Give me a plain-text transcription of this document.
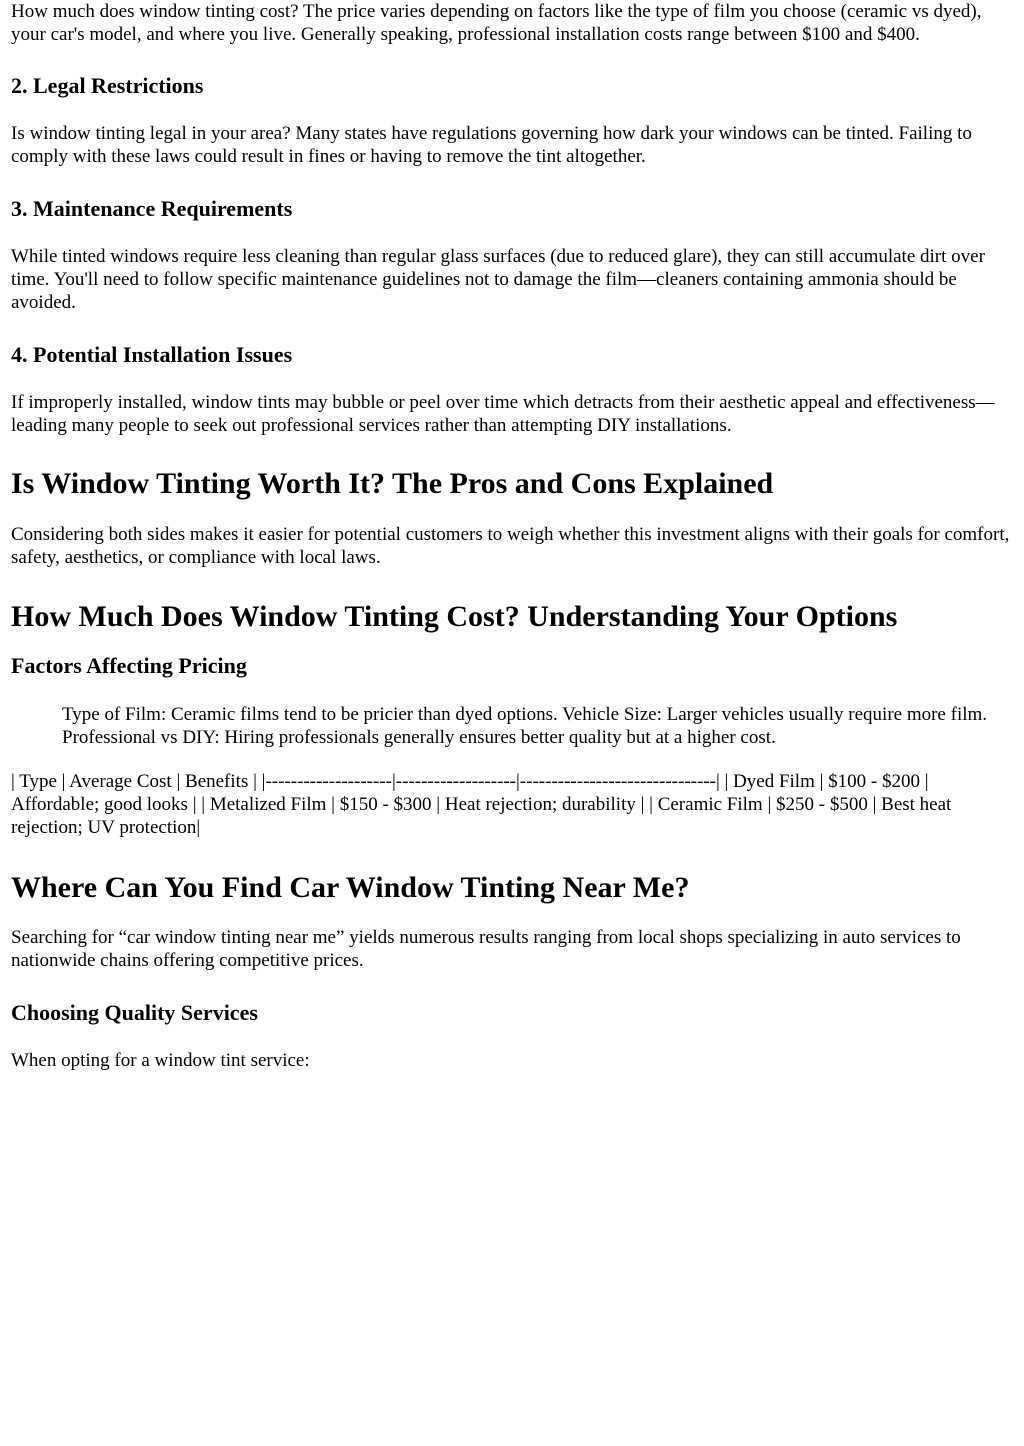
How much does window tinting cost? The price varies depending on factors like the type of film you choose (ceramic vs dyed), your car's model, and where you live. Generally speaking, professional installation costs range between $100 and $400.

2. Legal Restrictions

Is window tinting legal in your area? Many states have regulations governing how dark your windows can be tinted. Failing to comply with these laws could result in fines or having to remove the tint altogether.

3. Maintenance Requirements

While tinted windows require less cleaning than regular glass surfaces (due to reduced glare), they can still accumulate dirt over time. You'll need to follow specific maintenance guidelines not to damage the film—cleaners containing ammonia should be avoided.

4. Potential Installation Issues

If improperly installed, window tints may bubble or peel over time which detracts from their aesthetic appeal and effectiveness—leading many people to seek out professional services rather than attempting DIY installations.

Is Window Tinting Worth It? The Pros and Cons Explained

Considering both sides makes it easier for potential customers to weigh whether this investment aligns with their goals for comfort, safety, aesthetics, or compliance with local laws.

How Much Does Window Tinting Cost? Understanding Your Options
Factors Affecting Pricing
Type of Film: Ceramic films tend to be pricier than dyed options. Vehicle Size: Larger vehicles usually require more film. Professional vs DIY: Hiring professionals generally ensures better quality but at a higher cost.

| Type | Average Cost | Benefits | |--------------------|-------------------|-------------------------------| | Dyed Film | $100 - $200 | Affordable; good looks | | Metalized Film | $150 - $300 | Heat rejection; durability | | Ceramic Film | $250 - $500 | Best heat rejection; UV protection|

Where Can You Find Car Window Tinting Near Me?

Searching for “car window tinting near me” yields numerous results ranging from local shops specializing in auto services to nationwide chains offering competitive prices.

Choosing Quality Services

When opting for a window tint service:
